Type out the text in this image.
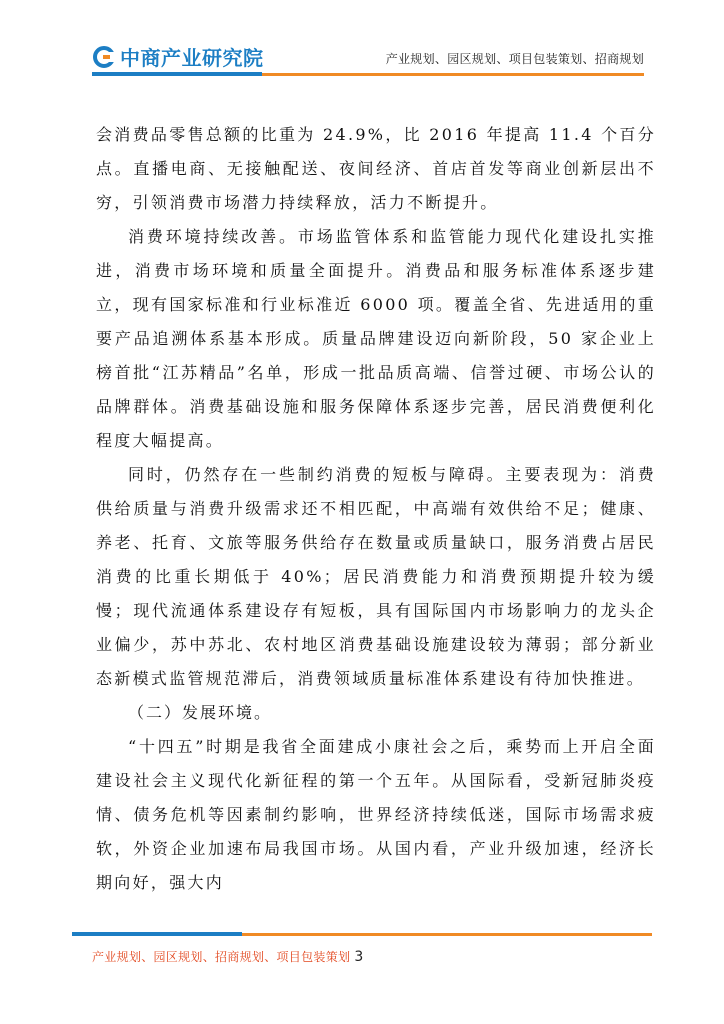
中商产业研究院	产业规划、园区规划、项目包装策划、招商规划

会消费品零售总额的比重为 24.9%，比 2016 年提高 11.4 个百分点。直播电商、无接触配送、夜间经济、首店首发等商业创新层出不穷，引领消费市场潜力持续释放，活力不断提升。

消费环境持续改善。市场监管体系和监管能力现代化建设扎实推进，消费市场环境和质量全面提升。消费品和服务标准体系逐步建立，现有国家标准和行业标准近 6000 项。覆盖全省、先进适用的重要产品追溯体系基本形成。质量品牌建设迈向新阶段，50 家企业上榜首批“江苏精品”名单，形成一批品质高端、信誉过硬、市场公认的品牌群体。消费基础设施和服务保障体系逐步完善，居民消费便利化程度大幅提高。

同时，仍然存在一些制约消费的短板与障碍。主要表现为：消费供给质量与消费升级需求还不相匹配，中高端有效供给不足；健康、养老、托育、文旅等服务供给存在数量或质量缺口，服务消费占居民消费的比重长期低于 40%；居民消费能力和消费预期提升较为缓慢；现代流通体系建设存有短板，具有国际国内市场影响力的龙头企业偏少，苏中苏北、农村地区消费基础设施建设较为薄弱；部分新业态新模式监管规范滞后，消费领域质量标准体系建设有待加快推进。

（二）发展环境。

“十四五”时期是我省全面建成小康社会之后，乘势而上开启全面建设社会主义现代化新征程的第一个五年。从国际看，受新冠肺炎疫情、债务危机等因素制约影响，世界经济持续低迷，国际市场需求疲软，外资企业加速布局我国市场。从国内看，产业升级加速，经济长期向好，强大内

产业规划、园区规划、招商规划、项目包装策划 3
